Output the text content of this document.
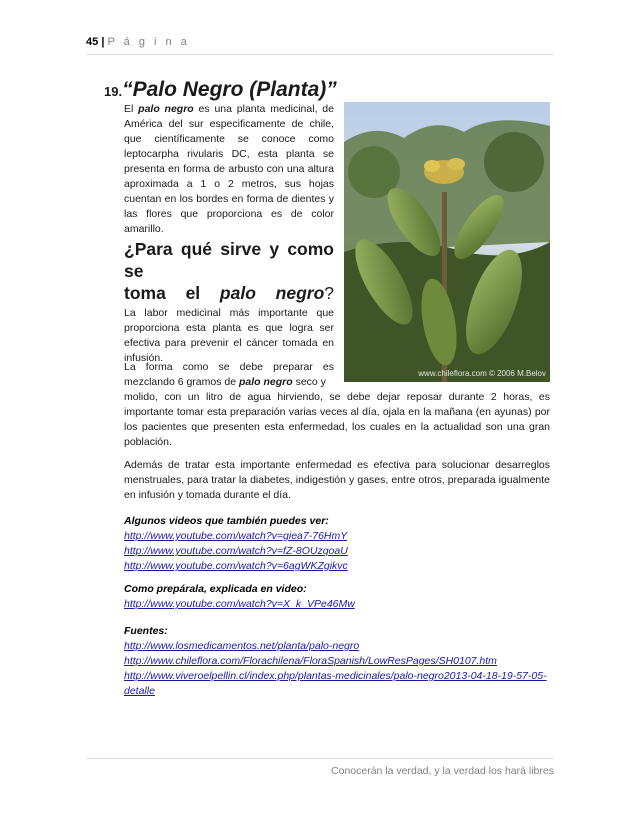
45 | P á g i n a
19.“Palo Negro (Planta)”

El palo negro es una planta medicinal, de América del sur especificamente de chile, que científicamente se conoce como leptocarpha rivularis DC, esta planta se presenta en forma de arbusto con una altura aproximada a 1 o 2 metros, sus hojas cuentan en los bordes en forma de dientes y las flores que proporciona es de color amarillo.

www.chileflora.com © 2006 M.Belov
¿Para qué sirve y como se
toma el palo negro?

La labor medicinal más importante que proporciona esta planta es que logra ser efectiva para prevenir el cáncer tomada en infusión.

La forma como se debe preparar es mezclando 6 gramos de palo negro seco y

molido, con un litro de agua hirviendo, se debe dejar reposar durante 2 horas, es importante tomar esta preparación varias veces al día, ojala en la mañana (en ayunas) por los pacientes que presenten esta enfermedad, los cuales en la actualidad son una gran población.

Además de tratar esta importante enfermedad es efectiva para solucionar desarreglos menstruales, para tratar la diabetes, indigestión y gases, entre otros, preparada igualmente en infusión y tomada durante el día.

Algunos videos que también puedes ver:
http://www.youtube.com/watch?v=giea7-76HmY
http://www.youtube.com/watch?v=fZ-8OUzqoaU
http://www.youtube.com/watch?v=6agWKZgikvc
Como prepárala, explicada en video:
http://www.youtube.com/watch?v=X_k_VPe46Mw
Fuentes:
http://www.losmedicamentos.net/planta/palo-negro
http://www.chileflora.com/Florachilena/FloraSpanish/LowResPages/SH0107.htm
http://www.viveroelpellin.cl/index.php/plantas-medicinales/palo-negro2013-04-18-19-57-05-detalle
Conocerán la verdad, y la verdad los hará libres
